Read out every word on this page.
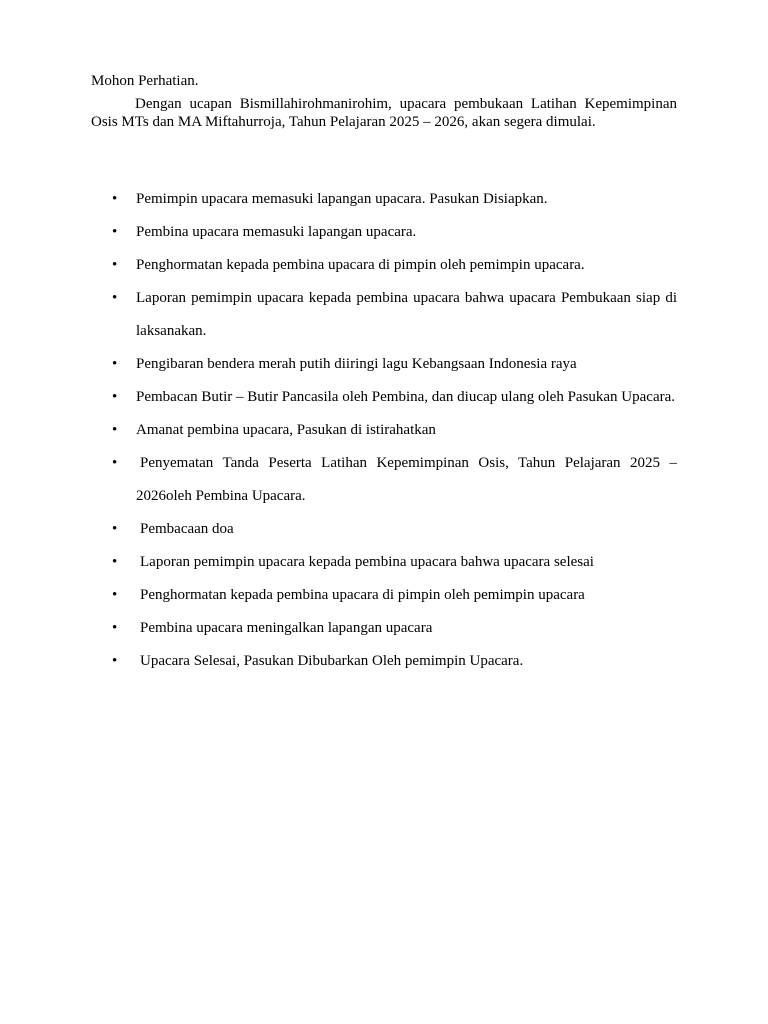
Mohon Perhatian.

Dengan ucapan Bismillahirohmanirohim, upacara pembukaan Latihan Kepemimpinan Osis MTs dan MA Miftahurroja, Tahun Pelajaran 2025 – 2026, akan segera dimulai.

• Pemimpin upacara memasuki lapangan upacara. Pasukan Disiapkan.
• Pembina upacara memasuki lapangan upacara.
• Penghormatan kepada pembina upacara di pimpin oleh pemimpin upacara.
• Laporan pemimpin upacara kepada pembina upacara bahwa upacara Pembukaan siap di laksanakan.
• Pengibaran bendera merah putih diiringi lagu Kebangsaan Indonesia raya
• Pembacan Butir – Butir Pancasila oleh Pembina, dan diucap ulang oleh Pasukan Upacara.
• Amanat pembina upacara, Pasukan di istirahatkan
• Penyematan Tanda Peserta Latihan Kepemimpinan Osis, Tahun Pelajaran 2025 – 2026oleh Pembina Upacara.
• Pembacaan doa
• Laporan pemimpin upacara kepada pembina upacara bahwa upacara selesai
• Penghormatan kepada pembina upacara di pimpin oleh pemimpin upacara
• Pembina upacara meningalkan lapangan upacara
• Upacara Selesai, Pasukan Dibubarkan Oleh pemimpin Upacara.
